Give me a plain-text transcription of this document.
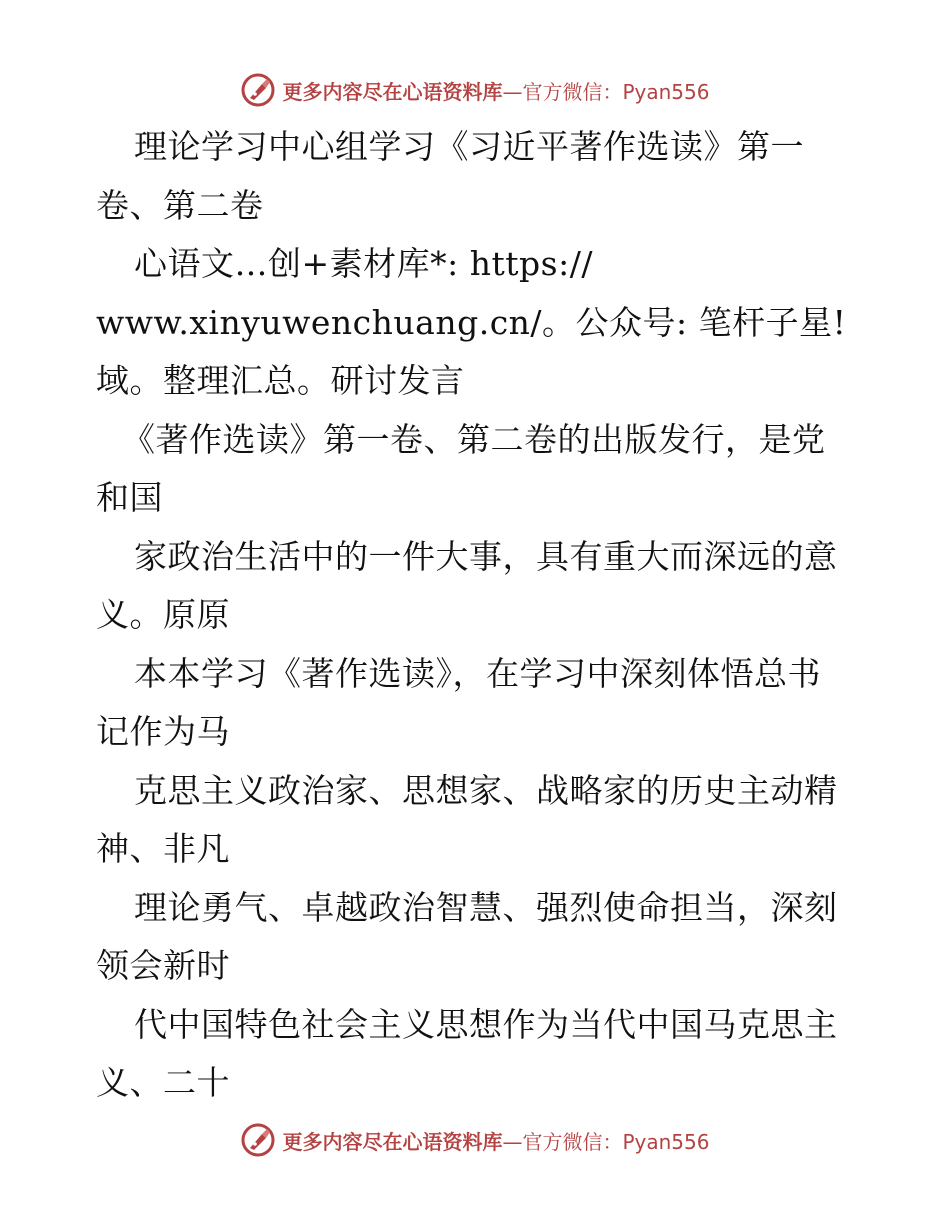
更多内容尽在心语资料库 —官方微信：Pyan556
理论学习中心组学习《习近平著作选读》第一
卷、第二卷
心语文…创+素材库*: https://
www.xinyuwenchuang.cn/。公众号: 笔杆子星!
域。整理汇总。研讨发言
《著作选读》第一卷、第二卷的出版发行，是党
和国
家政治生活中的一件大事，具有重大而深远的意
义。原原
本本学习《著作选读》，在学习中深刻体悟总书
记作为马
克思主义政治家、思想家、战略家的历史主动精
神、非凡
理论勇气、卓越政治智慧、强烈使命担当，深刻
领会新时
代中国特色社会主义思想作为当代中国马克思主
义、二十
更多内容尽在心语资料库 —官方微信：Pyan556
